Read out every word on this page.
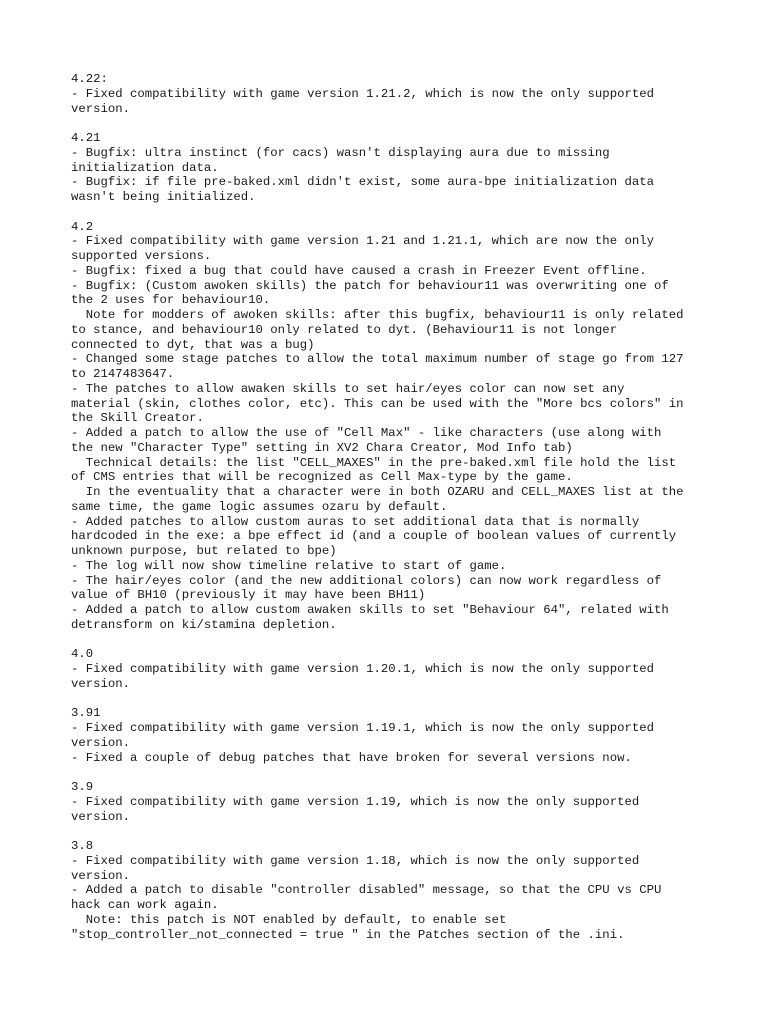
4.22:
- Fixed compatibility with game version 1.21.2, which is now the only supported
version.
4.21
- Bugfix: ultra instinct (for cacs) wasn't displaying aura due to missing
initialization data.
- Bugfix: if file pre-baked.xml didn't exist, some aura-bpe initialization data
wasn't being initialized.
4.2
- Fixed compatibility with game version 1.21 and 1.21.1, which are now the only
supported versions.
- Bugfix: fixed a bug that could have caused a crash in Freezer Event offline.
- Bugfix: (Custom awoken skills) the patch for behaviour11 was overwriting one of
the 2 uses for behaviour10.
Note for modders of awoken skills: after this bugfix, behaviour11 is only related
to stance, and behaviour10 only related to dyt. (Behaviour11 is not longer
connected to dyt, that was a bug)
- Changed some stage patches to allow the total maximum number of stage go from 127
to 2147483647.
- The patches to allow awaken skills to set hair/eyes color can now set any
material (skin, clothes color, etc). This can be used with the "More bcs colors" in
the Skill Creator.
- Added a patch to allow the use of "Cell Max" - like characters (use along with
the new "Character Type" setting in XV2 Chara Creator, Mod Info tab)
Technical details: the list "CELL_MAXES" in the pre-baked.xml file hold the list
of CMS entries that will be recognized as Cell Max-type by the game.
In the eventuality that a character were in both OZARU and CELL_MAXES list at the
same time, the game logic assumes ozaru by default.
- Added patches to allow custom auras to set additional data that is normally
hardcoded in the exe: a bpe effect id (and a couple of boolean values of currently
unknown purpose, but related to bpe)
- The log will now show timeline relative to start of game.
- The hair/eyes color (and the new additional colors) can now work regardless of
value of BH10 (previously it may have been BH11)
- Added a patch to allow custom awaken skills to set "Behaviour 64", related with
detransform on ki/stamina depletion.
4.0
- Fixed compatibility with game version 1.20.1, which is now the only supported
version.
3.91
- Fixed compatibility with game version 1.19.1, which is now the only supported
version.
- Fixed a couple of debug patches that have broken for several versions now.
3.9
- Fixed compatibility with game version 1.19, which is now the only supported
version.
3.8
- Fixed compatibility with game version 1.18, which is now the only supported
version.
- Added a patch to disable "controller disabled" message, so that the CPU vs CPU
hack can work again.
Note: this patch is NOT enabled by default, to enable set
"stop_controller_not_connected = true " in the Patches section of the .ini.
